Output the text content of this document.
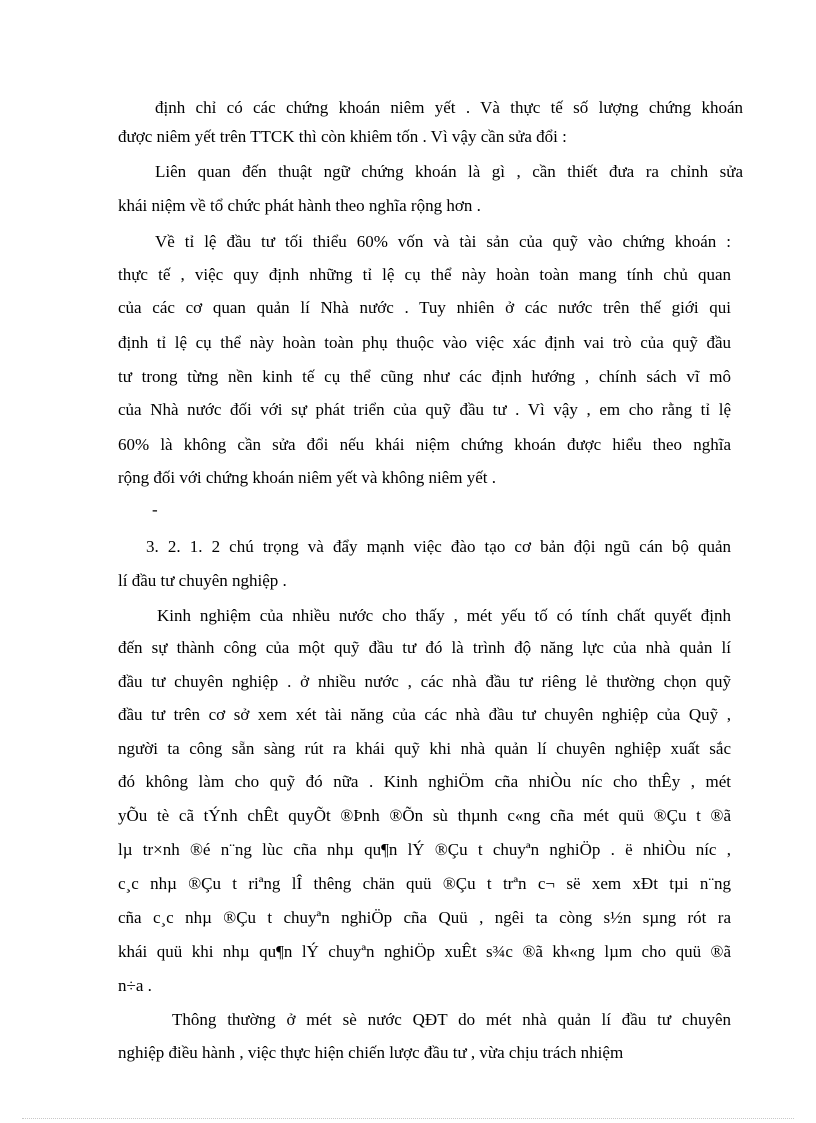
định chỉ có các chứng khoán niêm yết . Và thực tế số lượng chứng khoán
được niêm yết trên TTCK thì còn khiêm tốn . Vì vậy cần sửa đổi :
Liên quan đến thuật ngữ chứng khoán là gì , cần thiết đưa ra chỉnh sửa
khái niệm về tổ chức phát hành theo nghĩa rộng hơn .
Về tỉ lệ đầu tư tối thiểu 60% vốn và tài sản của quỹ vào chứng khoán :
thực tế , việc quy định những tỉ lệ cụ thể này hoàn toàn mang tính chủ quan
của các cơ quan quản lí Nhà nước . Tuy nhiên ở các nước trên thế giới qui
định tỉ lệ cụ thể này hoàn toàn phụ thuộc vào việc xác định vai trò của quỹ đầu
tư trong từng nền kinh tế cụ thể cũng như các định hướng , chính sách vĩ mô
của Nhà nước đối với sự phát triển của quỹ đầu tư . Vì vậy , em cho rằng tỉ lệ
60% là không cần sửa đổi nếu khái niệm chứng khoán được hiểu theo nghĩa
rộng đối với chứng khoán niêm yết và không niêm yết .
-
3. 2. 1. 2 chú trọng và đẩy mạnh việc đào tạo cơ bản đội ngũ cán bộ quản
lí đầu tư chuyên nghiệp .
Kinh nghiệm của nhiều nước cho thấy , mét yếu tố có tính chất quyết định
đến sự thành công của một quỹ đầu tư đó là trình độ năng lực của nhà quản lí
đầu tư chuyên nghiệp . ở nhiều nước , các nhà đầu tư riêng lẻ thường chọn quỹ
đầu tư trên cơ sở xem xét tài năng của các nhà đầu tư chuyên nghiệp của Quỹ ,
người ta công sẵn sàng rút ra khái quỹ khi nhà quản lí chuyên nghiệp xuất sắc
đó không làm cho quỹ đó nữa . Kinh nghiÖm cña nhiÒu níc cho thÊy , mét
yÕu tè cã tÝnh chÊt quyÕt ®Þnh ®Õn sù thµnh c«ng cña mét quü ®Çu t ®ã
lµ tr×nh ®é n¨ng lùc cña nhµ qu¶n lÝ ®Çu t chuyªn nghiÖp . ë nhiÒu níc ,
c¸c nhµ ®Çu t riªng lÎ thêng chän quü ®Çu t trªn c¬ së xem xÐt tµi n¨ng
cña c¸c nhµ ®Çu t chuyªn nghiÖp cña Quü , ngêi ta còng s½n sµng rót ra
khái quü khi nhµ qu¶n lÝ chuyªn nghiÖp xuÊt s¾c ®ã kh«ng lµm cho quü ®ã
n÷a .
Thông thường ở mét sè nước QĐT do mét nhà quản lí đầu tư chuyên
nghiệp điều hành , việc thực hiện chiến lược đầu tư , vừa chịu trách nhiệm
